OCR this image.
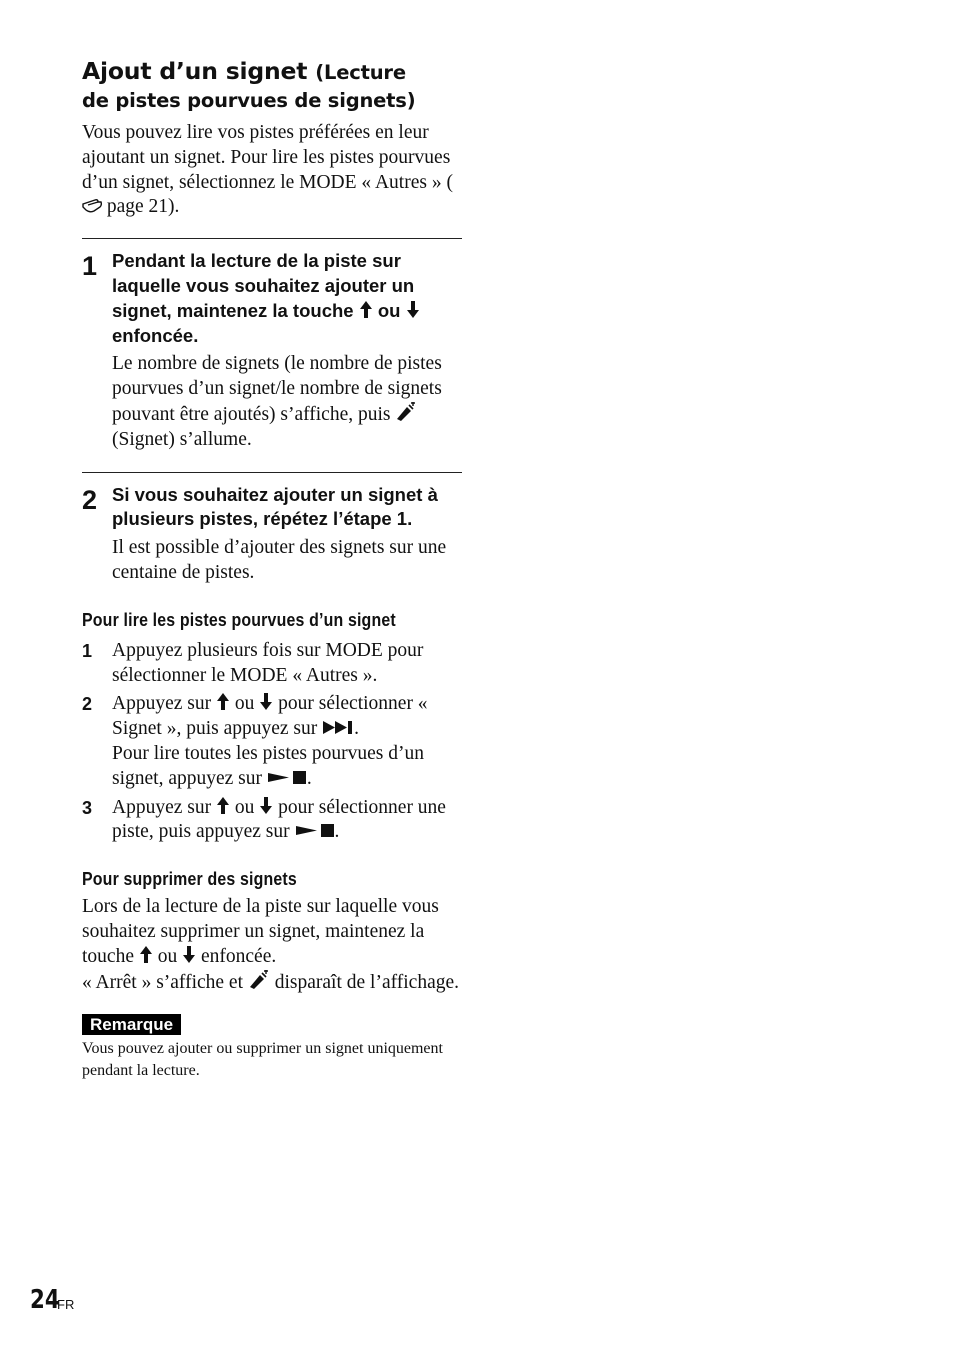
Ajout d’un signet (Lecture
de pistes pourvues de signets)

Vous pouvez lire vos pistes préférées en leur ajoutant un signet. Pour lire les pistes pourvues d’un signet, sélectionnez le MODE « Autres » ( page 21).

1 Pendant la lecture de la piste sur laquelle vous souhaitez ajouter un signet, maintenez la touche  ou
enfoncée.

Le nombre de signets (le nombre de pistes pourvues d’un signet/le nombre de signets pouvant être ajoutés) s’affiche, puis
(Signet) s’allume.

2 Si vous souhaitez ajouter un signet à plusieurs pistes, répétez l’étape 1.

Il est possible d’ajouter des signets sur une centaine de pistes.

Pour lire les pistes pourvues d’un signet
1 Appuyez plusieurs fois sur MODE pour sélectionner le MODE « Autres ».
2 Appuyez sur  ou  pour sélectionner « Signet », puis appuyez sur .
Pour lire toutes les pistes pourvues d’un signet, appuyez sur .
3 Appuyez sur  ou  pour sélectionner une piste, puis appuyez sur .
Pour supprimer des signets

Lors de la lecture de la piste sur laquelle vous souhaitez supprimer un signet, maintenez la touche  ou  enfoncée.
« Arrêt » s’affiche et  disparaît de l’affichage.

Remarque

Vous pouvez ajouter ou supprimer un signet uniquement pendant la lecture.

24
FR
